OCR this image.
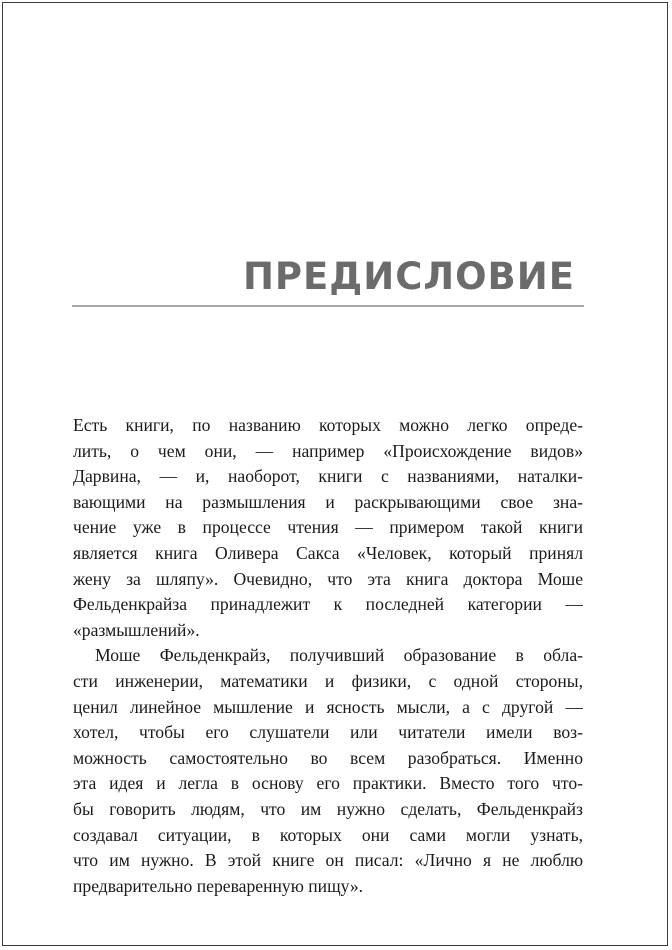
ПРЕДИСЛОВИЕ
Есть книги, по названию которых можно легко опреде-
лить, о чем они, — например «Происхождение видов»
Дарвина, — и, наоборот, книги с названиями, наталки-
вающими на размышления и раскрывающими свое зна-
чение уже в процессе чтения — примером такой книги
является книга Оливера Сакса «Человек, который принял
жену за шляпу». Очевидно, что эта книга доктора Моше
Фельденкрайза принадлежит к последней категории —
«размышлений».
Моше Фельденкрайз, получивший образование в обла-
сти инженерии, математики и физики, с одной стороны,
ценил линейное мышление и ясность мысли, а с другой —
хотел, чтобы его слушатели или читатели имели воз-
можность самостоятельно во всем разобраться. Именно
эта идея и легла в основу его практики. Вместо того что-
бы говорить людям, что им нужно сделать, Фельденкрайз
создавал ситуации, в которых они сами могли узнать,
что им нужно. В этой книге он писал: «Лично я не люблю
предварительно переваренную пищу».
